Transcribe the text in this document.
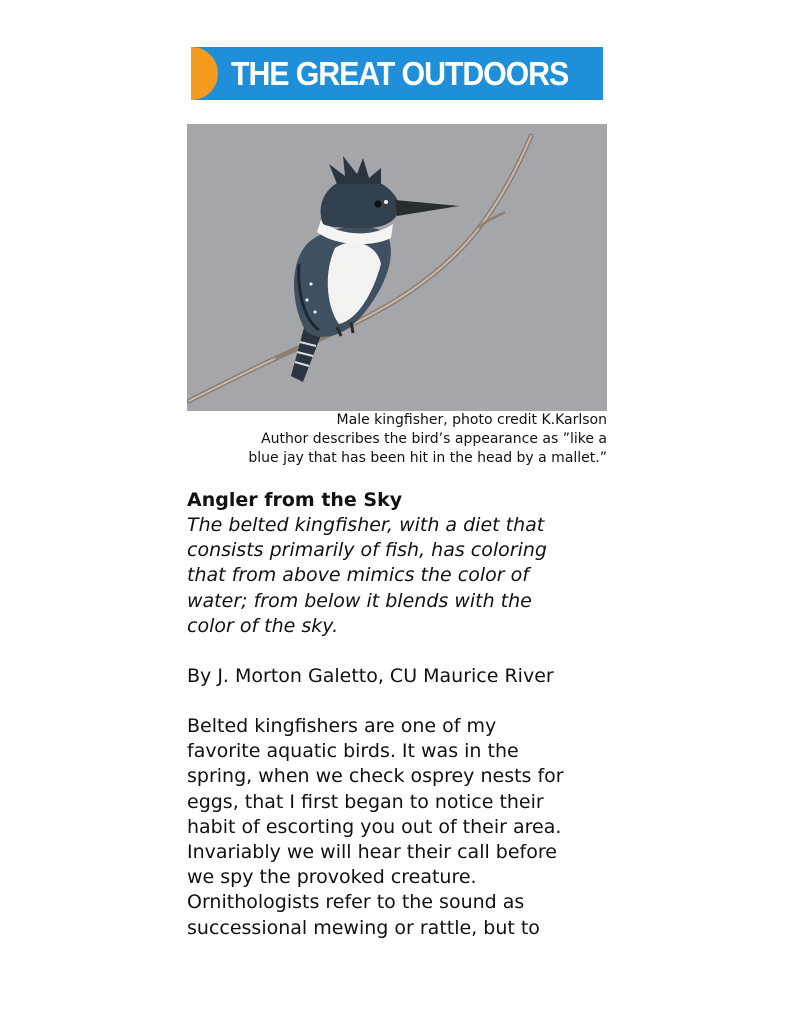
THE GREAT OUTDOORS
Male kingfisher, photo credit K.Karlson
Author describes the bird’s appearance as ”like a
blue jay that has been hit in the head by a mallet.”
Angler from the Sky
The belted kingfisher, with a diet that
consists primarily of fish, has coloring
that from above mimics the color of
water; from below it blends with the
color of the sky.
By J. Morton Galetto, CU Maurice River
Belted kingfishers are one of my
favorite aquatic birds. It was in the
spring, when we check osprey nests for
eggs, that I first began to notice their
habit of escorting you out of their area.
Invariably we will hear their call before
we spy the provoked creature.
Ornithologists refer to the sound as
successional mewing or rattle, but to
